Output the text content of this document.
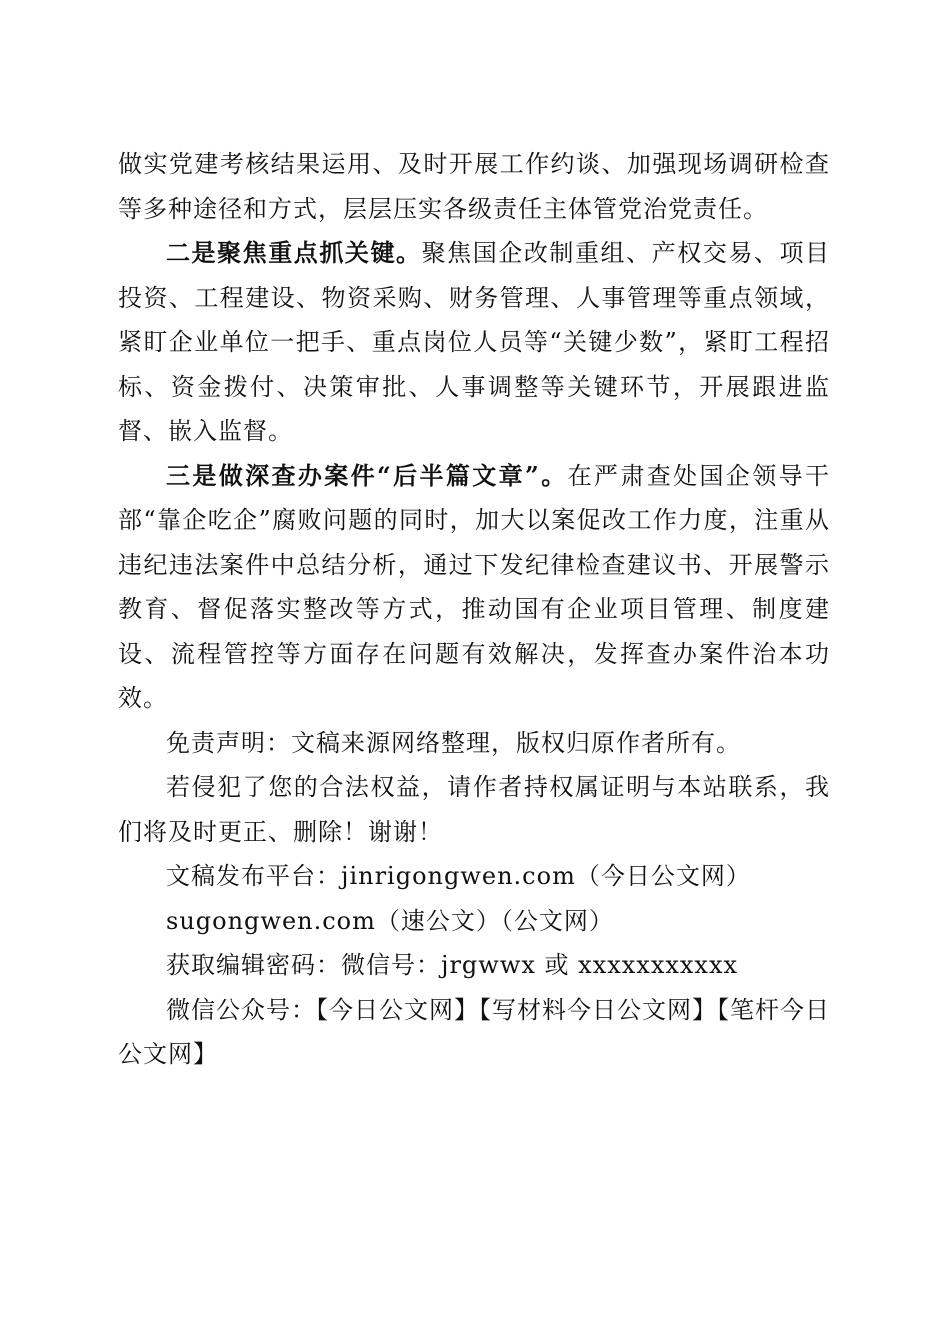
做实党建考核结果运用、及时开展工作约谈、加强现场调研检查等多种途径和方式，层层压实各级责任主体管党治党责任。

二是聚焦重点抓关键。聚焦国企改制重组、产权交易、项目投资、工程建设、物资采购、财务管理、人事管理等重点领域，紧盯企业单位一把手、重点岗位人员等“关键少数”，紧盯工程招标、资金拨付、决策审批、人事调整等关键环节，开展跟进监督、嵌入监督。

三是做深查办案件“后半篇文章”。在严肃查处国企领导干部“靠企吃企”腐败问题的同时，加大以案促改工作力度，注重从违纪违法案件中总结分析，通过下发纪律检查建议书、开展警示教育、督促落实整改等方式，推动国有企业项目管理、制度建设、流程管控等方面存在问题有效解决，发挥查办案件治本功效。

免责声明：文稿来源网络整理，版权归原作者所有。

若侵犯了您的合法权益，请作者持权属证明与本站联系，我们将及时更正、删除！谢谢！

文稿发布平台：jinrigongwen.com（今日公文网）

sugongwen.com（速公文）（公文网）

获取编辑密码：微信号：jrgwwx 或 xxxxxxxxxxx

微信公众号：【今日公文网】【写材料今日公文网】【笔杆今日公文网】
